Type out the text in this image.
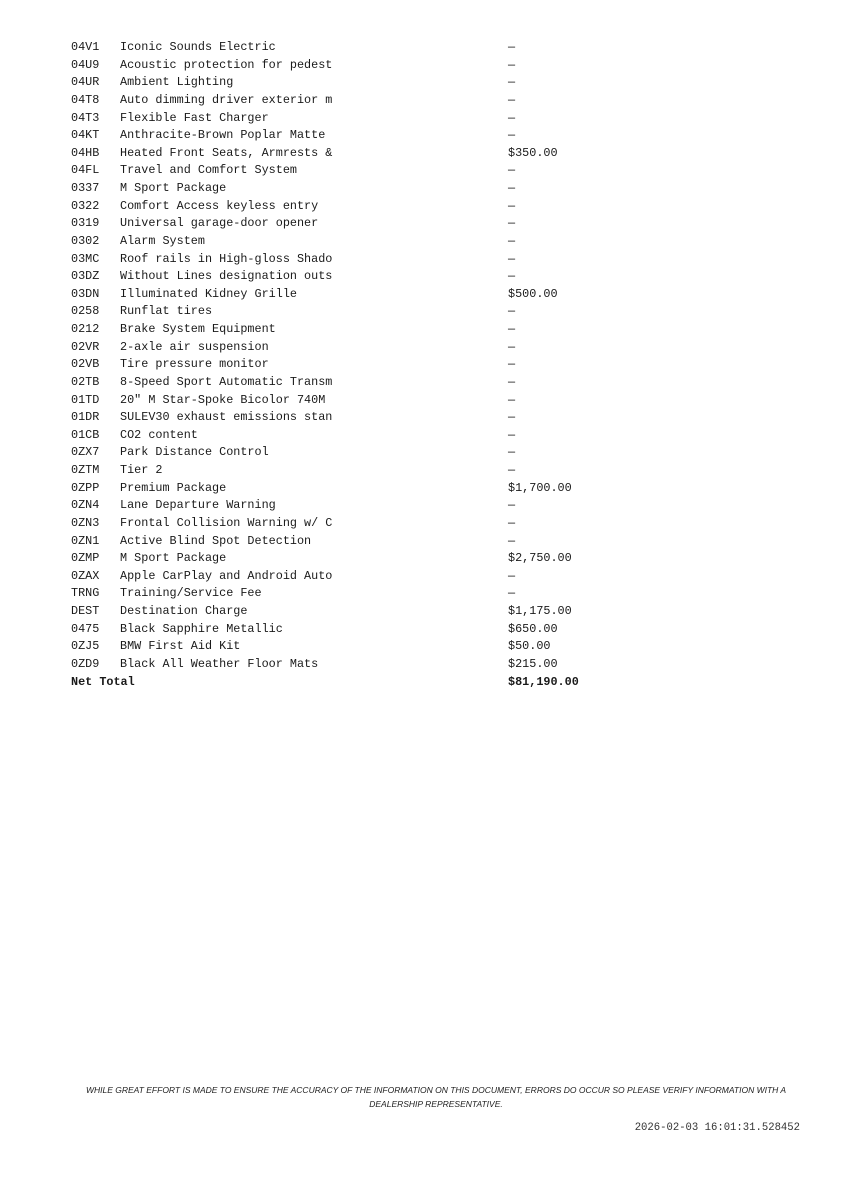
04V1 Iconic Sounds Electric	—
04U9 Acoustic protection for pedest	—
04UR Ambient Lighting	—
04T8 Auto dimming driver exterior m	—
04T3 Flexible Fast Charger	—
04KT Anthracite-Brown Poplar Matte	—
04HB Heated Front Seats, Armrests &	$350.00
04FL Travel and Comfort System	—
0337 M Sport Package	—
0322 Comfort Access keyless entry	—
0319 Universal garage-door opener	—
0302 Alarm System	—
03MC Roof rails in High-gloss Shado	—
03DZ Without Lines designation outs	—
03DN Illuminated Kidney Grille	$500.00
0258 Runflat tires	—
0212 Brake System Equipment	—
02VR 2-axle air suspension	—
02VB Tire pressure monitor	—
02TB 8-Speed Sport Automatic Transm	—
01TD 20" M Star-Spoke Bicolor 740M	—
01DR SULEV30 exhaust emissions stan	—
01CB CO2 content	—
0ZX7 Park Distance Control	—
0ZTM Tier 2	—
0ZPP Premium Package	$1,700.00
0ZN4 Lane Departure Warning	—
0ZN3 Frontal Collision Warning w/ C	—
0ZN1 Active Blind Spot Detection	—
0ZMP M Sport Package	$2,750.00
0ZAX Apple CarPlay and Android Auto	—
TRNG Training/Service Fee	—
DEST Destination Charge	$1,175.00
0475 Black Sapphire Metallic	$650.00
0ZJ5 BMW First Aid Kit	$50.00
0ZD9 Black All Weather Floor Mats	$215.00
Net Total	$81,190.00
WHILE GREAT EFFORT IS MADE TO ENSURE THE ACCURACY OF THE INFORMATION ON THIS DOCUMENT, ERRORS DO OCCUR SO PLEASE VERIFY INFORMATION WITH A DEALERSHIP REPRESENTATIVE.
2026-02-03 16:01:31.528452
